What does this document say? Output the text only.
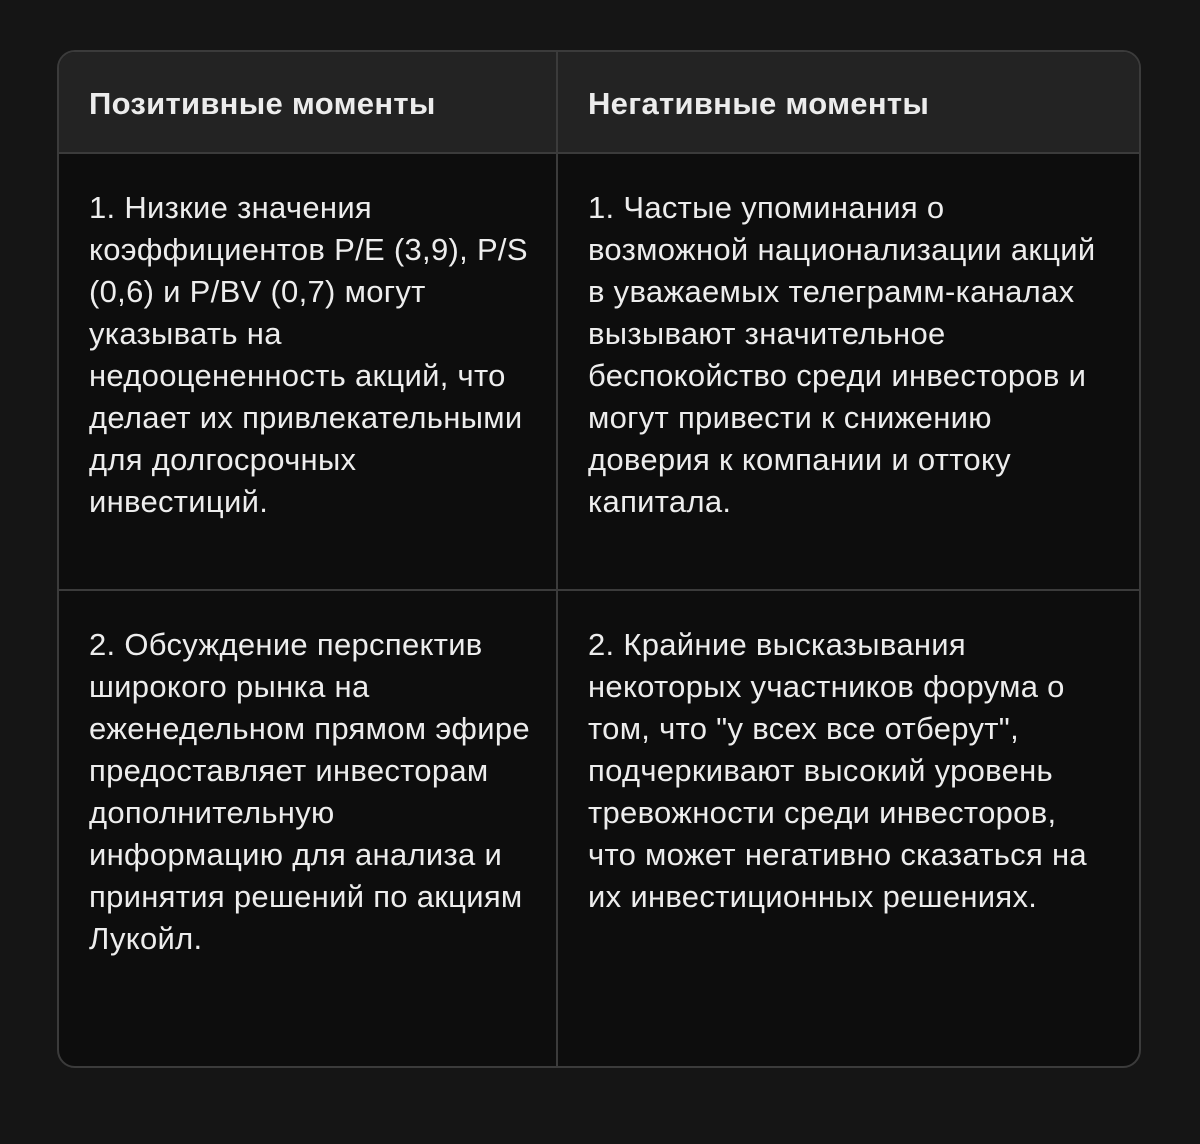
Позитивные моменты	Негативные моменты
1. Низкие значения коэффициентов P/E (3,9), P/S (0,6) и P/BV (0,7) могут указывать на недооцененность акций, что делает их привлекательными для долгосрочных инвестиций.	1. Частые упоминания о возможной национализации акций в уважаемых телеграмм-каналах вызывают значительное беспокойство среди инвесторов и могут привести к снижению доверия к компании и оттоку капитала.
2. Обсуждение перспектив широкого рынка на еженедельном прямом эфире предоставляет инвесторам дополнительную информацию для анализа и принятия решений по акциям Лукойл.	2. Крайние высказывания некоторых участников форума о том, что "у всех все отберут", подчеркивают высокий уровень тревожности среди инвесторов, что может негативно сказаться на их инвестиционных решениях.
